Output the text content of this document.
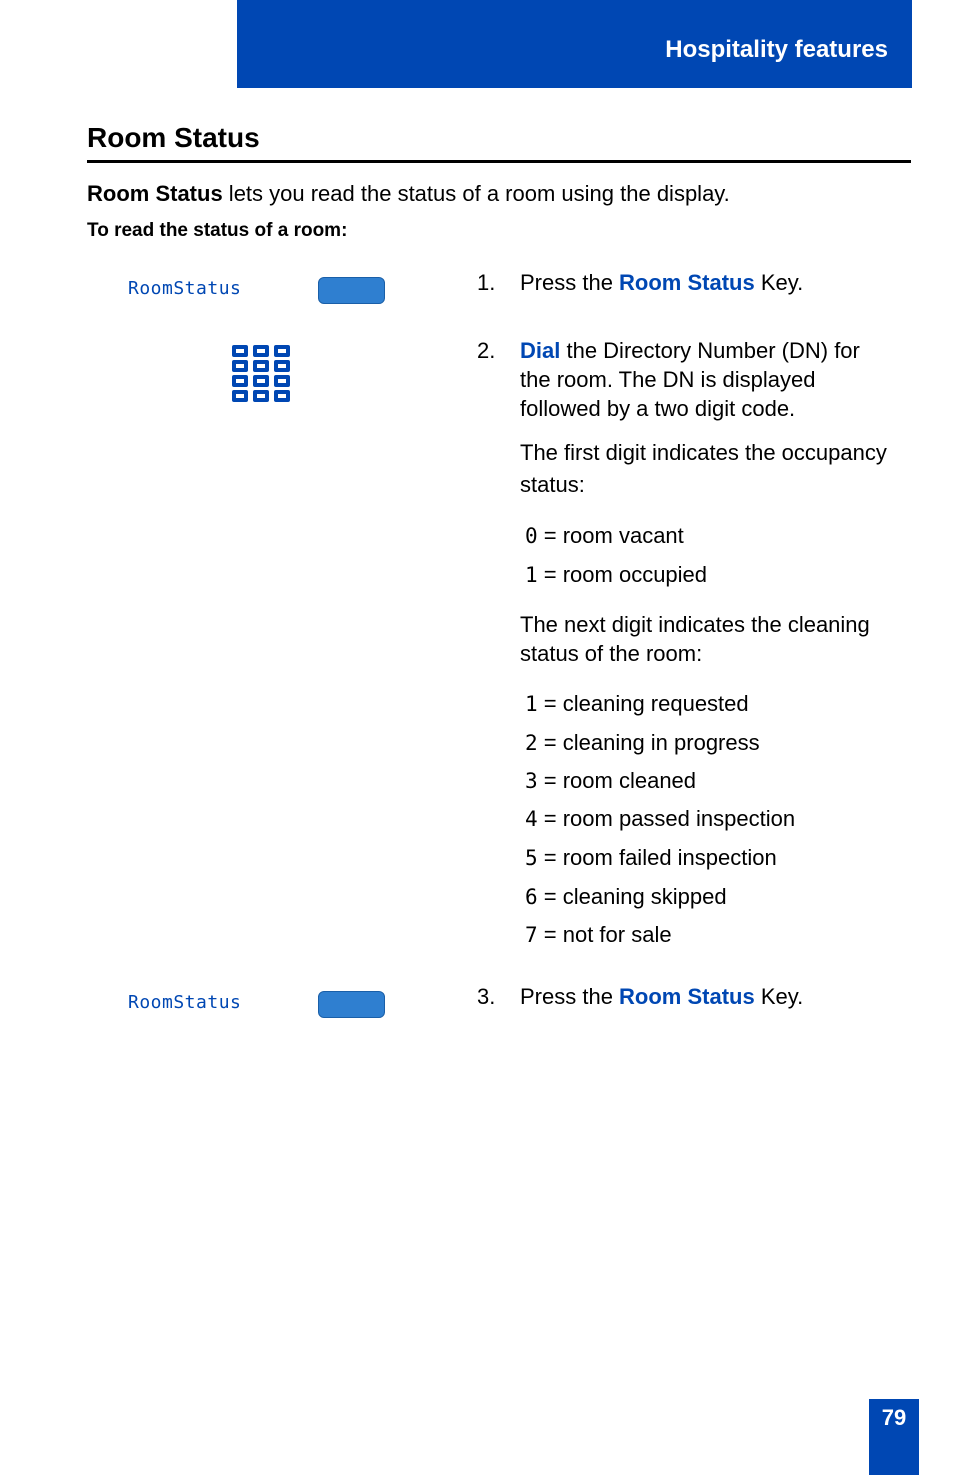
Hospitality features
Room Status
Room Status lets you read the status of a room using the display.
To read the status of a room:
RoomStatus
RoomStatus
1. Press the Room Status Key.
2. Dial the Directory Number (DN) for the room. The DN is displayed followed by a two digit code.
The first digit indicates the occupancy status:
0 = room vacant
1 = room occupied
The next digit indicates the cleaning status of the room:
1 = cleaning requested
2 = cleaning in progress
3 = room cleaned
4 = room passed inspection
5 = room failed inspection
6 = cleaning skipped
7 = not for sale
3. Press the Room Status Key.
79
